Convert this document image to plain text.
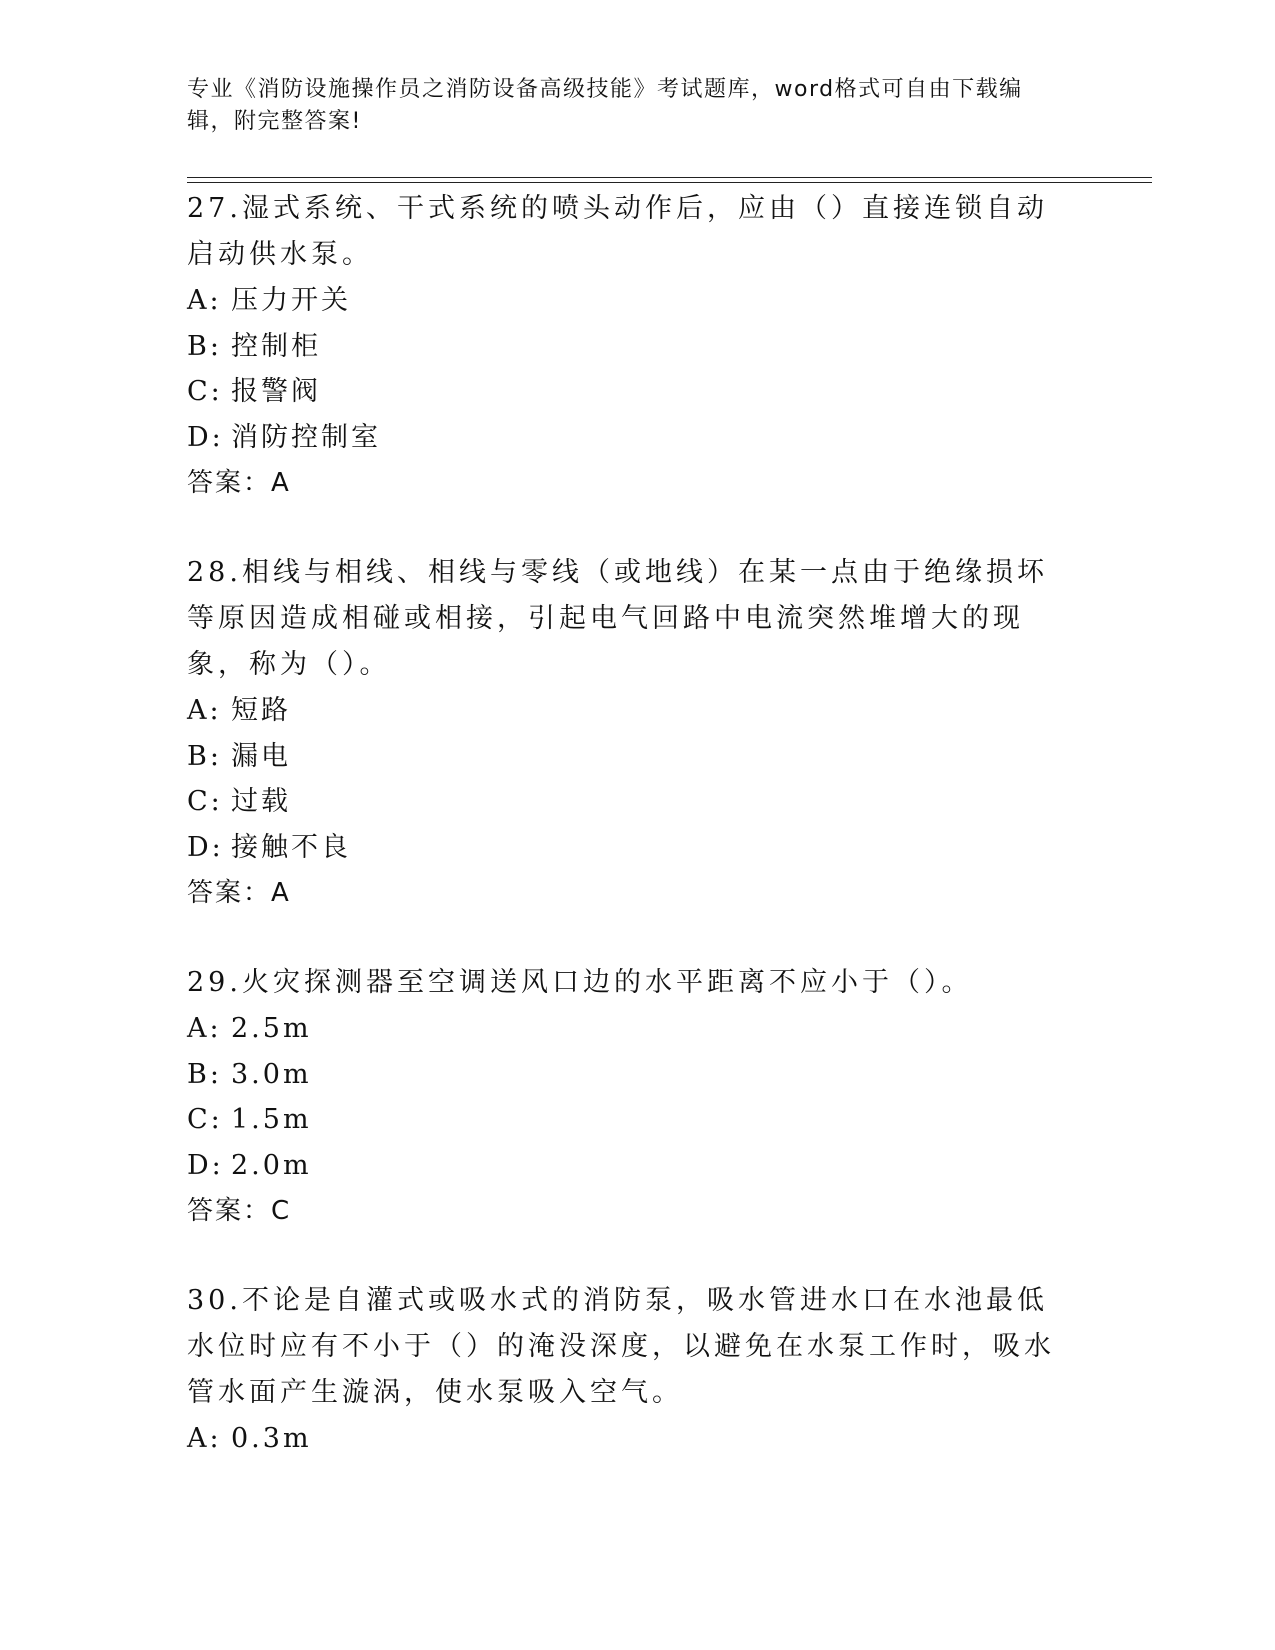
专业《消防设施操作员之消防设备高级技能》考试题库，word格式可自由下载编辑，附完整答案!

27.湿式系统、干式系统的喷头动作后，应由（）直接连锁自动启动供水泵。

A: 压力开关

B: 控制柜

C: 报警阀

D: 消防控制室

答案：A

28.相线与相线、相线与零线（或地线）在某一点由于绝缘损坏等原因造成相碰或相接，引起电气回路中电流突然堆增大的现象，称为（）。

A: 短路

B: 漏电

C: 过载

D: 接触不良

答案：A

29.火灾探测器至空调送风口边的水平距离不应小于（）。

A: 2.5m

B: 3.0m

C: 1.5m

D: 2.0m

答案：C

30.不论是自灌式或吸水式的消防泵，吸水管进水口在水池最低水位时应有不小于（）的淹没深度，以避免在水泵工作时，吸水管水面产生漩涡，使水泵吸入空气。

A: 0.3m
